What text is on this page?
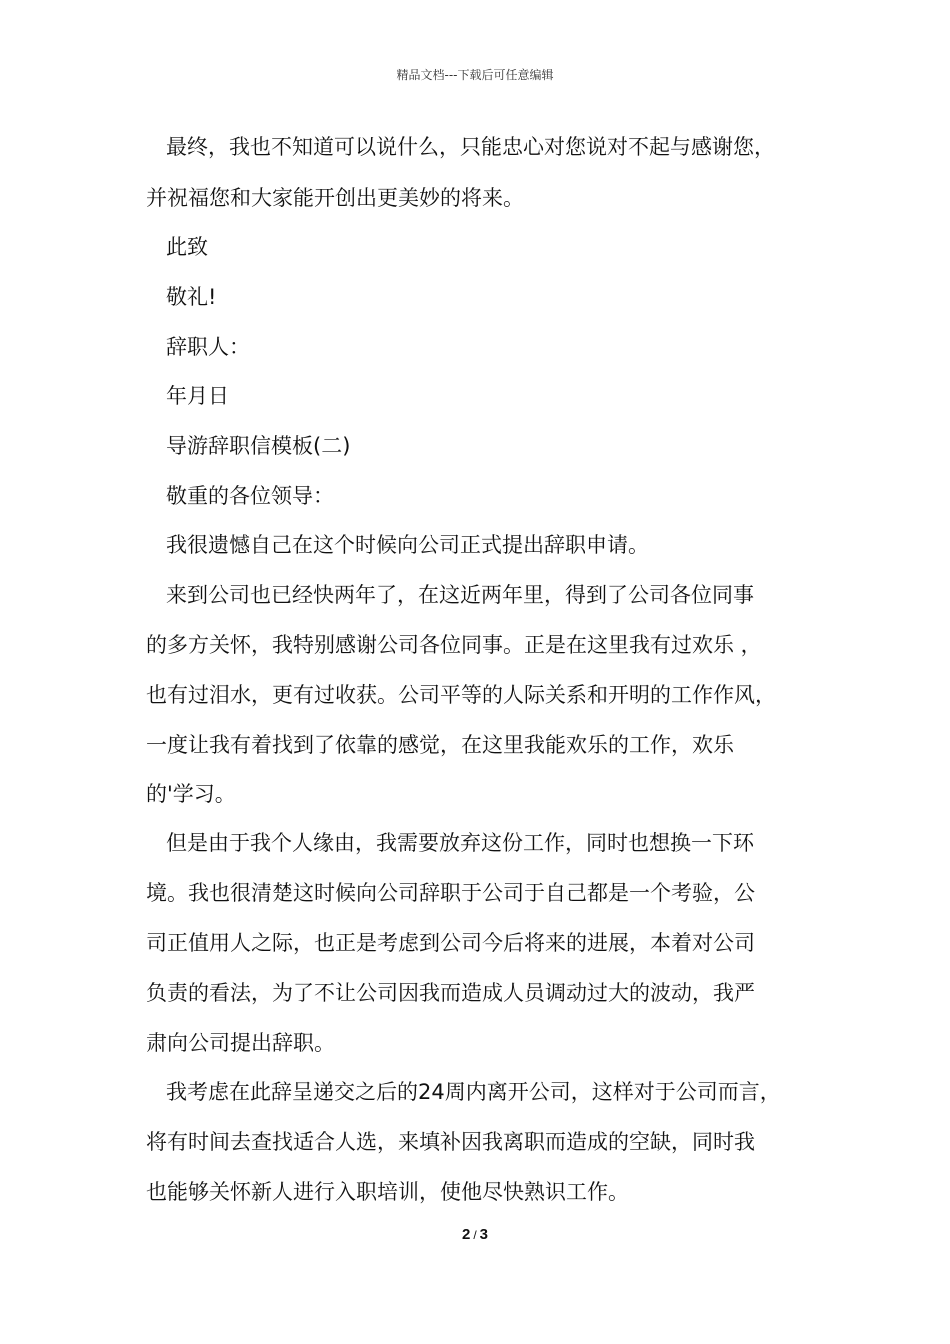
精品文档---下载后可任意编辑
最终，我也不知道可以说什么，只能忠心对您说对不起与感谢您，
并祝福您和大家能开创出更美妙的将来。
此致
敬礼!
辞职人：
年月日
导游辞职信模板(二)
敬重的各位领导：
我很遗憾自己在这个时候向公司正式提出辞职申请。
来到公司也已经快两年了，在这近两年里，得到了公司各位同事
的多方关怀，我特别感谢公司各位同事。正是在这里我有过欢乐 ，
也有过泪水，更有过收获。公司平等的人际关系和开明的工作作风，
一度让我有着找到了依靠的感觉，在这里我能欢乐的工作，欢乐
的'学习。
但是由于我个人缘由，我需要放弃这份工作，同时也想换一下环
境。我也很清楚这时候向公司辞职于公司于自己都是一个考验，公
司正值用人之际，也正是考虑到公司今后将来的进展，本着对公司
负责的看法，为了不让公司因我而造成人员调动过大的波动，我严
肃向公司提出辞职。
我考虑在此辞呈递交之后的24周内离开公司，这样对于公司而言，
将有时间去查找适合人选，来填补因我离职而造成的空缺，同时我
也能够关怀新人进行入职培训，使他尽快熟识工作。
2 / 3
